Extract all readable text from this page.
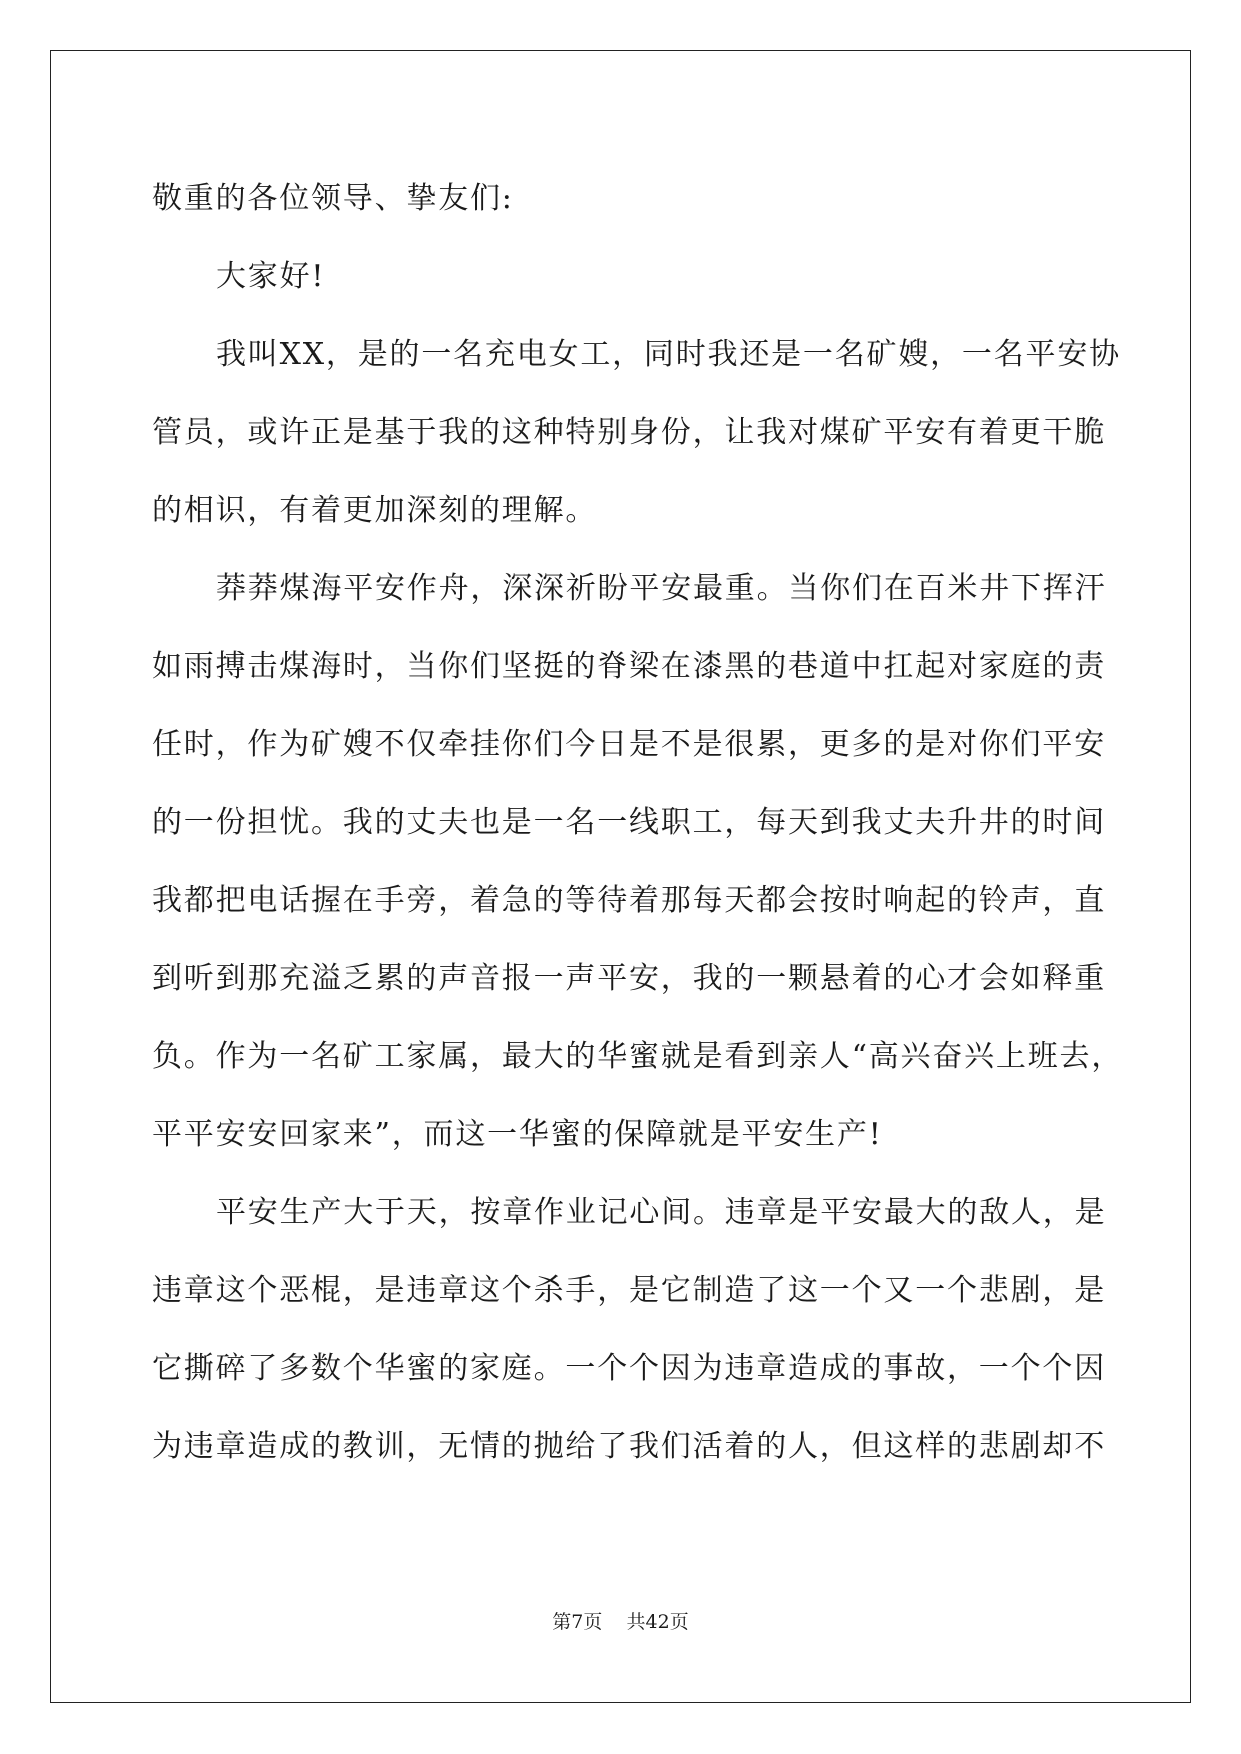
敬重的各位领导、挚友们:
大家好!
我叫XX，是的一名充电女工，同时我还是一名矿嫂，一名平安协
管员，或许正是基于我的这种特别身份，让我对煤矿平安有着更干脆
的相识，有着更加深刻的理解。
莽莽煤海平安作舟，深深祈盼平安最重。当你们在百米井下挥汗
如雨搏击煤海时，当你们坚挺的脊梁在漆黑的巷道中扛起对家庭的责
任时，作为矿嫂不仅牵挂你们今日是不是很累，更多的是对你们平安
的一份担忧。我的丈夫也是一名一线职工，每天到我丈夫升井的时间
我都把电话握在手旁，着急的等待着那每天都会按时响起的铃声，直
到听到那充溢乏累的声音报一声平安，我的一颗悬着的心才会如释重
负。作为一名矿工家属，最大的华蜜就是看到亲人“高兴奋兴上班去，
平平安安回家来”，而这一华蜜的保障就是平安生产!
平安生产大于天，按章作业记心间。违章是平安最大的敌人，是
违章这个恶棍，是违章这个杀手，是它制造了这一个又一个悲剧，是
它撕碎了多数个华蜜的家庭。一个个因为违章造成的事故，一个个因
为违章造成的教训，无情的抛给了我们活着的人，但这样的悲剧却不
第7页    共42页
